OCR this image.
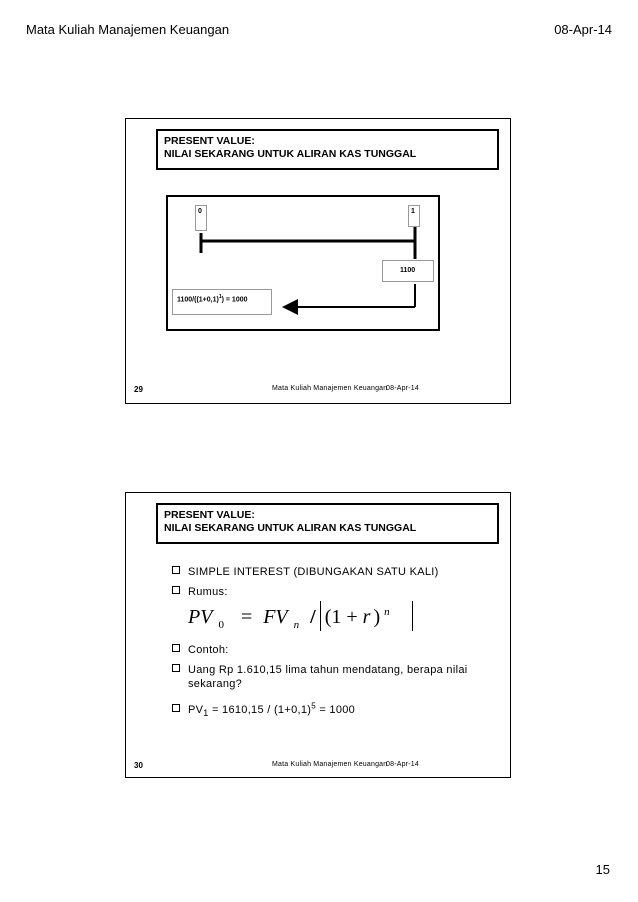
Mata Kuliah Manajemen Keuangan	08-Apr-14
PRESENT VALUE:
NILAI SEKARANG UNTUK ALIRAN KAS TUNGGAL
0	1
1100
$1100/((1+0,1)^1) = 1000$
29	Mata Kuliah Manajemen Keuangan
08-Apr-14
PRESENT VALUE:
NILAI SEKARANG UNTUK ALIRAN KAS TUNGGAL
SIMPLE INTEREST (DIBUNGAKAN SATU KALI)
Rumus:
PV $_0$ = FV $_n$ / (1 + r ) $^n$
Contoh:
Uang Rp 1.610,15 lima tahun mendatang, berapa nilai
sekarang?
$PV_1 = 1610,15 / (1+0,1)^5 = 1000$
30	Mata Kuliah Manajemen Keuangan
08-Apr-14
15
